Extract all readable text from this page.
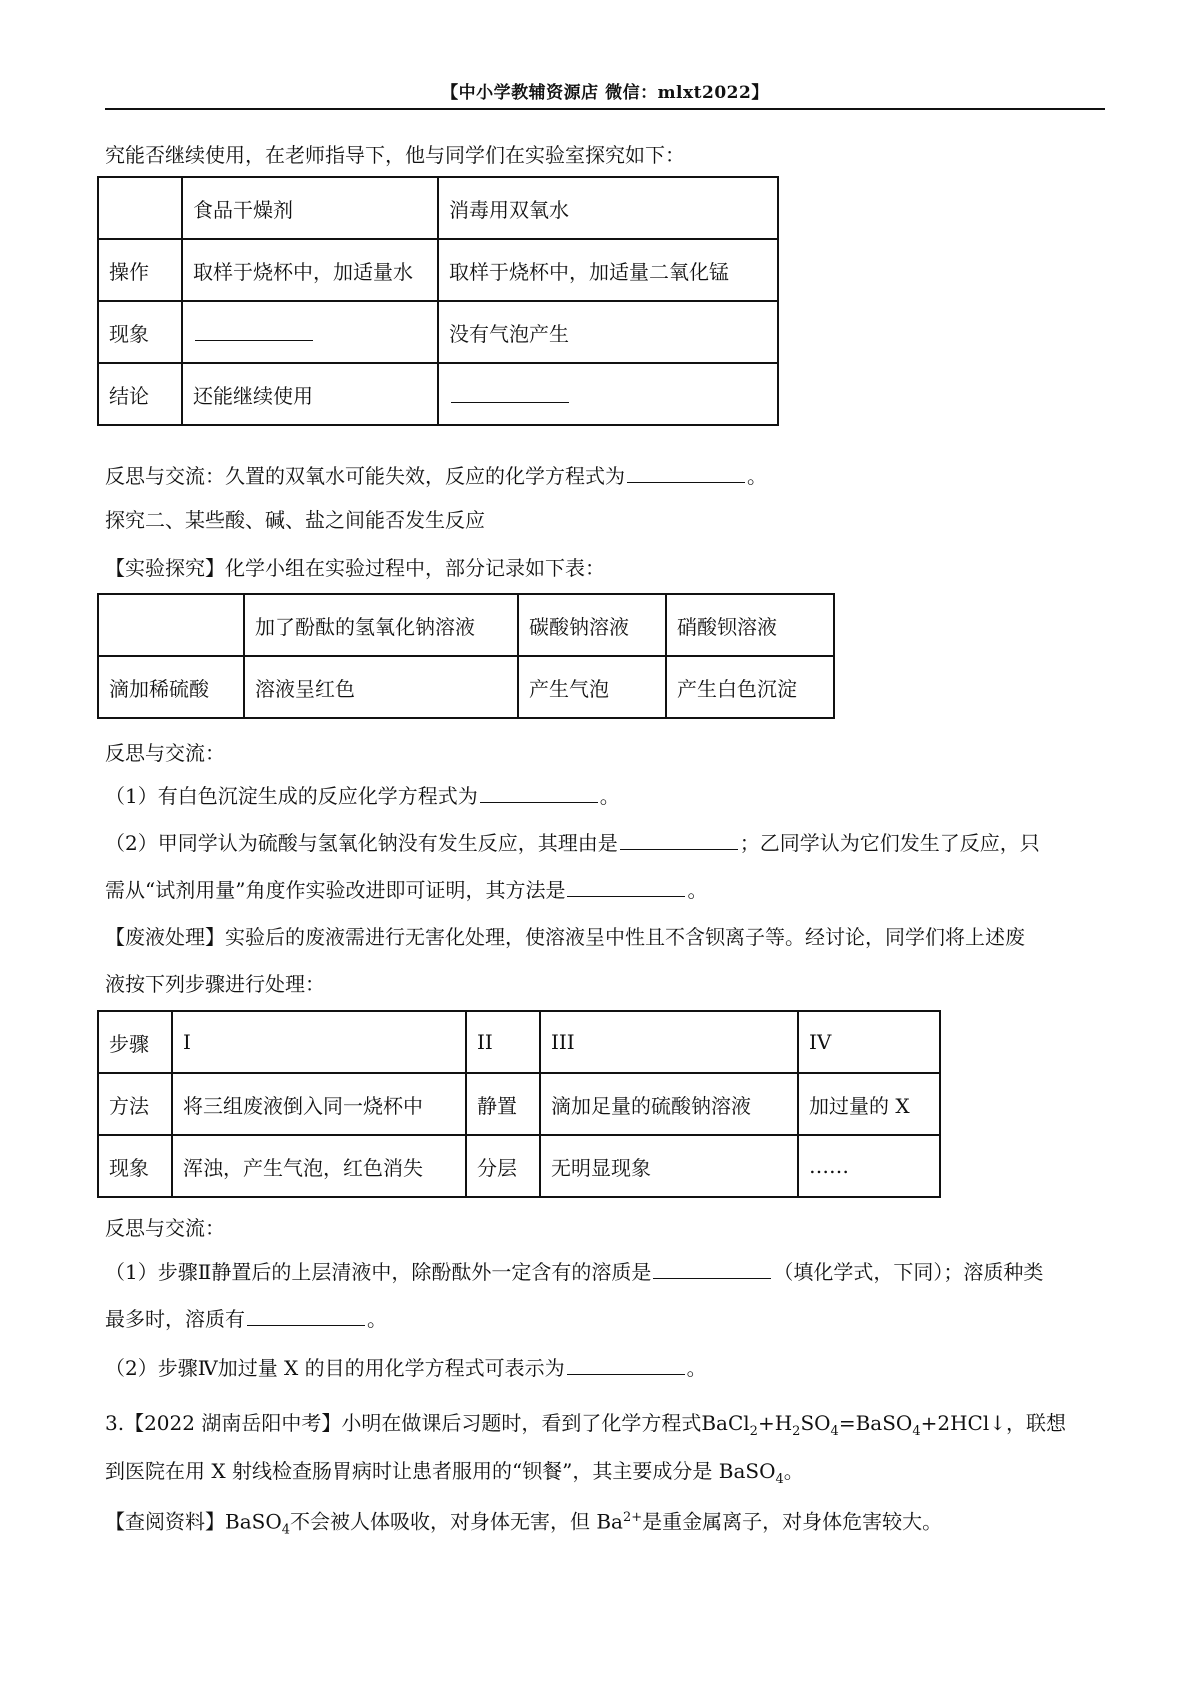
【中小学教辅资源店 微信：mlxt2022】
究能否继续使用，在老师指导下，他与同学们在实验室探究如下：
	食品干燥剂	消毒用双氧水
操作	取样于烧杯中，加适量水	取样于烧杯中，加适量二氧化锰
现象		没有气泡产生
结论	还能继续使用	
反思与交流：久置的双氧水可能失效，反应的化学方程式为	。
探究二、某些酸、碱、盐之间能否发生反应
【实验探究】化学小组在实验过程中，部分记录如下表：
	加了酚酞的氢氧化钠溶液	碳酸钠溶液	硝酸钡溶液
滴加稀硫酸	溶液呈红色	产生气泡	产生白色沉淀
反思与交流：
（1）有白色沉淀生成的反应化学方程式为	。
（2）甲同学认为硫酸与氢氧化钠没有发生反应，其理由是	；乙同学认为它们发生了反应，只
需从“试剂用量”角度作实验改进即可证明，其方法是	。
【废液处理】实验后的废液需进行无害化处理，使溶液呈中性且不含钡离子等。经讨论，同学们将上述废
液按下列步骤进行处理：
步骤	I	II	III	IV
方法	将三组废液倒入同一烧杯中	静置	滴加足量的硫酸钠溶液	加过量的 X
现象	浑浊，产生气泡，红色消失	分层	无明显现象	……
反思与交流：
（1）步骤Ⅱ静置后的上层清液中，除酚酞外一定含有的溶质是	（填化学式，下同）；溶质种类
最多时，溶质有	。
（2）步骤Ⅳ加过量 X 的目的用化学方程式可表示为	。
3.【2022 湖南岳阳中考】小明在做课后习题时，看到了化学方程式$BaCl_2+H_2SO_4=BaSO_4+2HCl↓$，联想
到医院在用 X 射线检查肠胃病时让患者服用的“钡餐”，其主要成分是 BaSO$_4$。
【查阅资料】BaSO$_4$不会被人体吸收，对身体无害，但 $Ba^{2+}$是重金属离子，对身体危害较大。
